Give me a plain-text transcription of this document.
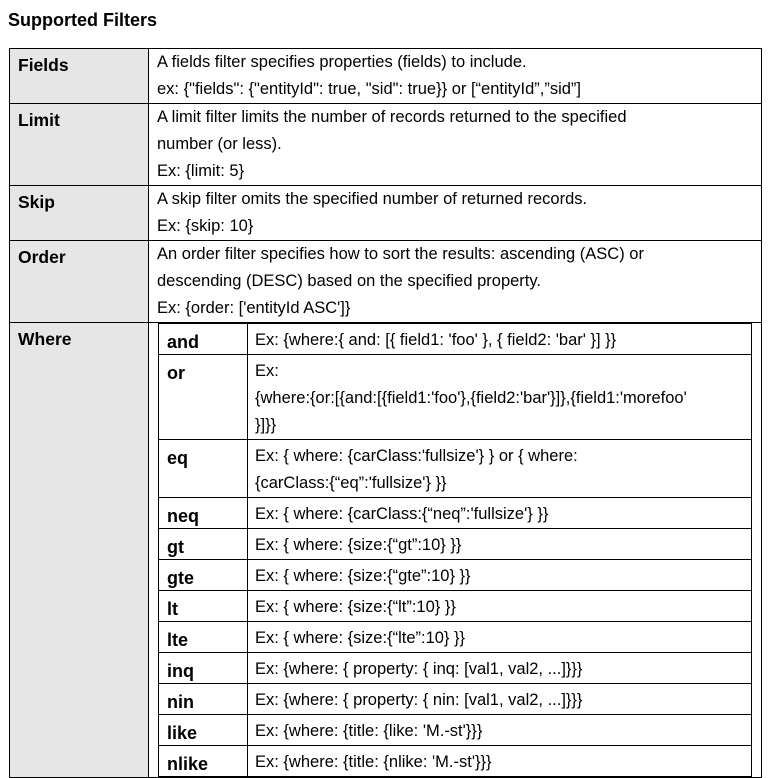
Supported Filters
Fields	A fields filter specifies properties (fields) to include.
ex: {"fields": {"entityId": true, "sid": true}} or [“entityId”,”sid”]

Limit	A limit filter limits the number of records returned to the specified
number (or less).
Ex: {limit: 5}

Skip	A skip filter omits the specified number of returned records.
Ex: {skip: 10}

Order	An order filter specifies how to sort the results: ascending (ASC) or
descending (DESC) based on the specified property.
Ex: {order: ['entityId ASC']}

Where		and	Ex: {where:{ and: [{ field1: 'foo' }, { field2: 'bar' }] }}

or	Ex:
{where:{or:[{and:[{field1:'foo'},{field2:'bar'}]},{field1:'morefoo'
}]}}

eq	Ex: { where: {carClass:'fullsize'} } or { where:
{carClass:{“eq”:'fullsize'} }}

neq	Ex: { where: {carClass:{“neq”:'fullsize'} }}

gt	Ex: { where: {size:{“gt”:10} }}

gte	Ex: { where: {size:{“gte”:10} }}

lt	Ex: { where: {size:{“lt”:10} }}

lte	Ex: { where: {size:{“lte”:10} }}

inq	Ex: {where: { property: { inq: [val1, val2, ...]}}}

nin	Ex: {where: { property: { nin: [val1, val2, ...]}}}

like	Ex: {where: {title: {like: 'M.-st'}}}

nlike	Ex: {where: {title: {nlike: 'M.-st'}}}
